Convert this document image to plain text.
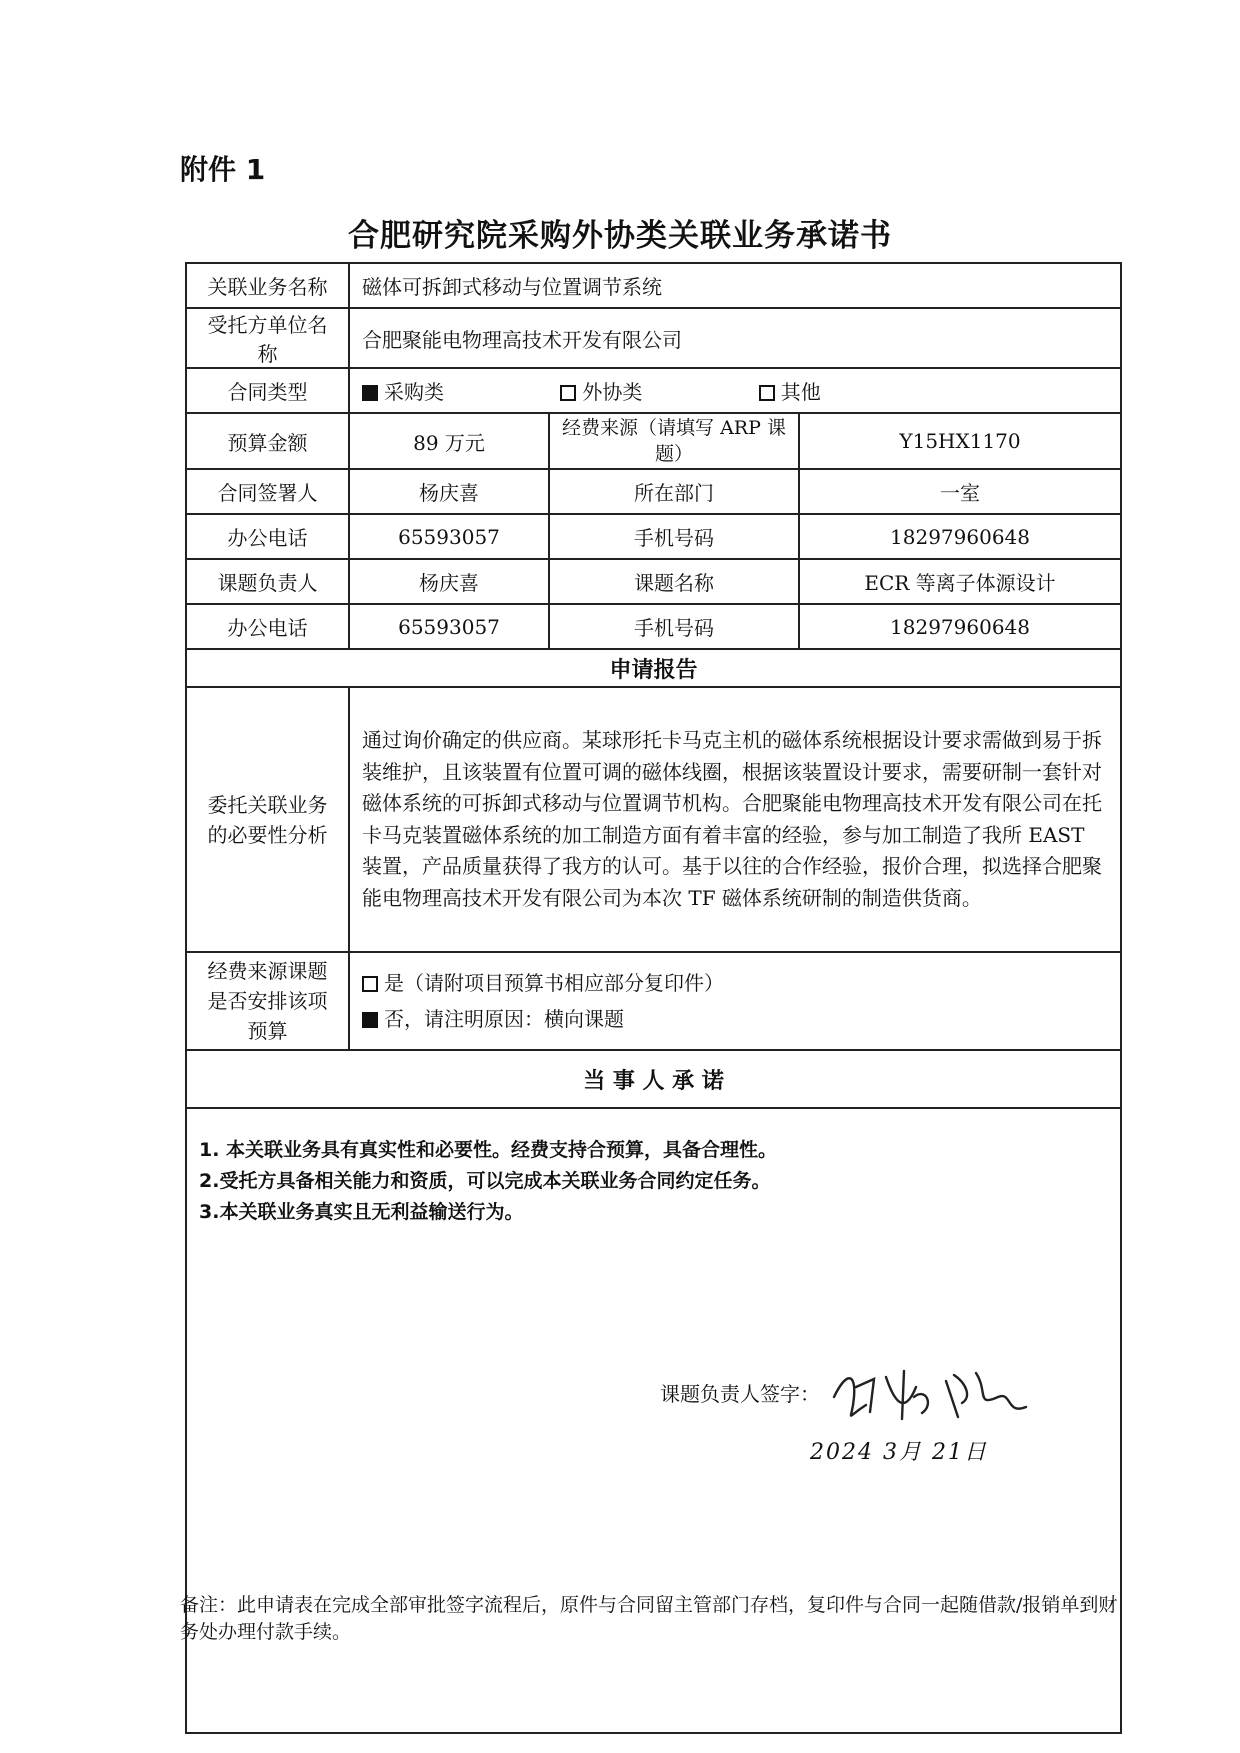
附件 1
合肥研究院采购外协类关联业务承诺书
关联业务名称	磁体可拆卸式移动与位置调节系统		
受托方单位名称	合肥聚能电物理高技术开发有限公司		
合同类型	采购类 外协类 其他		
预算金额	89 万元	经费来源（请填写 ARP 课题）	Y15HX1170
合同签署人	杨庆喜	所在部门	一室
办公电话	65593057	手机号码	18297960648
课题负责人	杨庆喜	课题名称	ECR 等离子体源设计
办公电话	65593057	手机号码	18297960648
申请报告			
委托关联业务的必要性分析	通过询价确定的供应商。某球形托卡马克主机的磁体系统根据设计要求需做到易于拆装维护，且该装置有位置可调的磁体线圈，根据该装置设计要求，需要研制一套针对磁体系统的可拆卸式移动与位置调节机构。合肥聚能电物理高技术开发有限公司在托卡马克装置磁体系统的加工制造方面有着丰富的经验，参与加工制造了我所 EAST 装置，产品质量获得了我方的认可。基于以往的合作经验，报价合理，拟选择合肥聚能电物理高技术开发有限公司为本次 TF 磁体系统研制的制造供货商。		

经费来源课题是否安排该项预算	是（请附项目预算书相应部分复印件）
否，请注明原因：横向课题		

当 事 人 承 诺			

1. 本关联业务具有真实性和必要性。经费支持合预算，具备合理性。
2.受托方具备相关能力和资质，可以完成本关联业务合同约定任务。
3.本关联业务真实且无利益输送行为。			
课题负责人签字：
2024 3月 21日
备注：此申请表在完成全部审批签字流程后，原件与合同留主管部门存档，复印件与合同一起随借款/报销单到财务处办理付款手续。
